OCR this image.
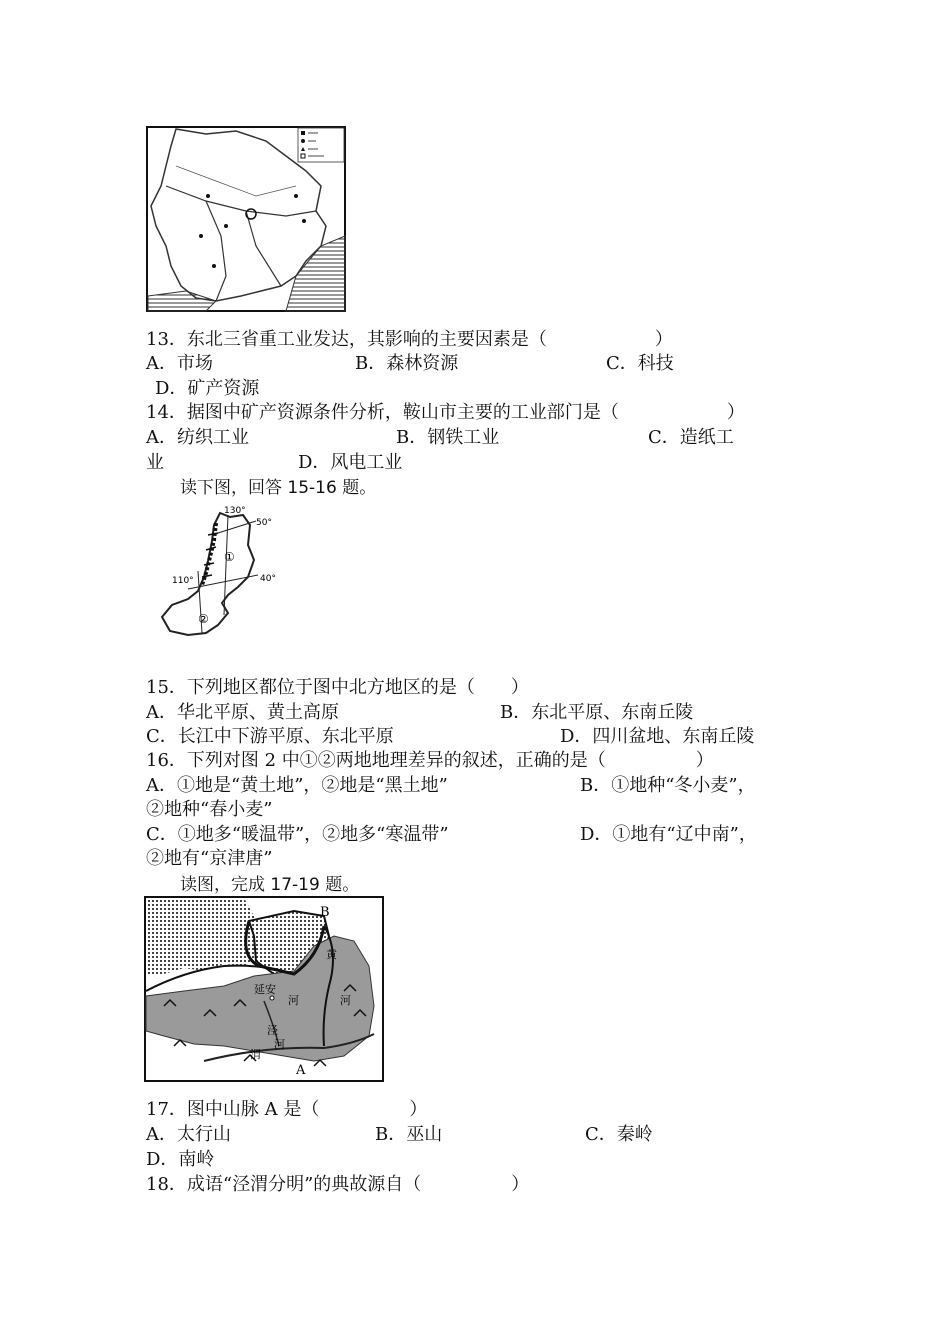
13．东北三省重工业发达，其影响的主要因素是（　　　　　　）
A．市场	B．森林资源	C．科技
D．矿产资源
14．据图中矿产资源条件分析，鞍山市主要的工业部门是（　　　　　　）
A．纺织工业	B．钢铁工业	C．造纸工
业	D．风电工业
读下图，回答 15-16 题。
130°
50°
110°	40°
①
②
15．下列地区都位于图中北方地区的是（　　）
A．华北平原、黄土高原	B．东北平原、东南丘陵
C．长江中下游平原、东北平原	D．四川盆地、东南丘陵
16．下列对图 2 中①②两地地理差异的叙述，正确的是（　　　　　）
A．①地是“黄土地”，②地是“黑土地”	B．①地种“冬小麦”，
②地种“春小麦”
C．①地多“暖温带”，②地多“寒温带”	D．①地有“辽中南”，
②地有“京津唐”
读图，完成 17-19 题。
B
A
延安
河
黄
河
泾
渭
河
17．图中山脉 A 是（　　　　　）
A．太行山	B．巫山	C．秦岭
D．南岭
18．成语“泾渭分明”的典故源自（　　　　　）
